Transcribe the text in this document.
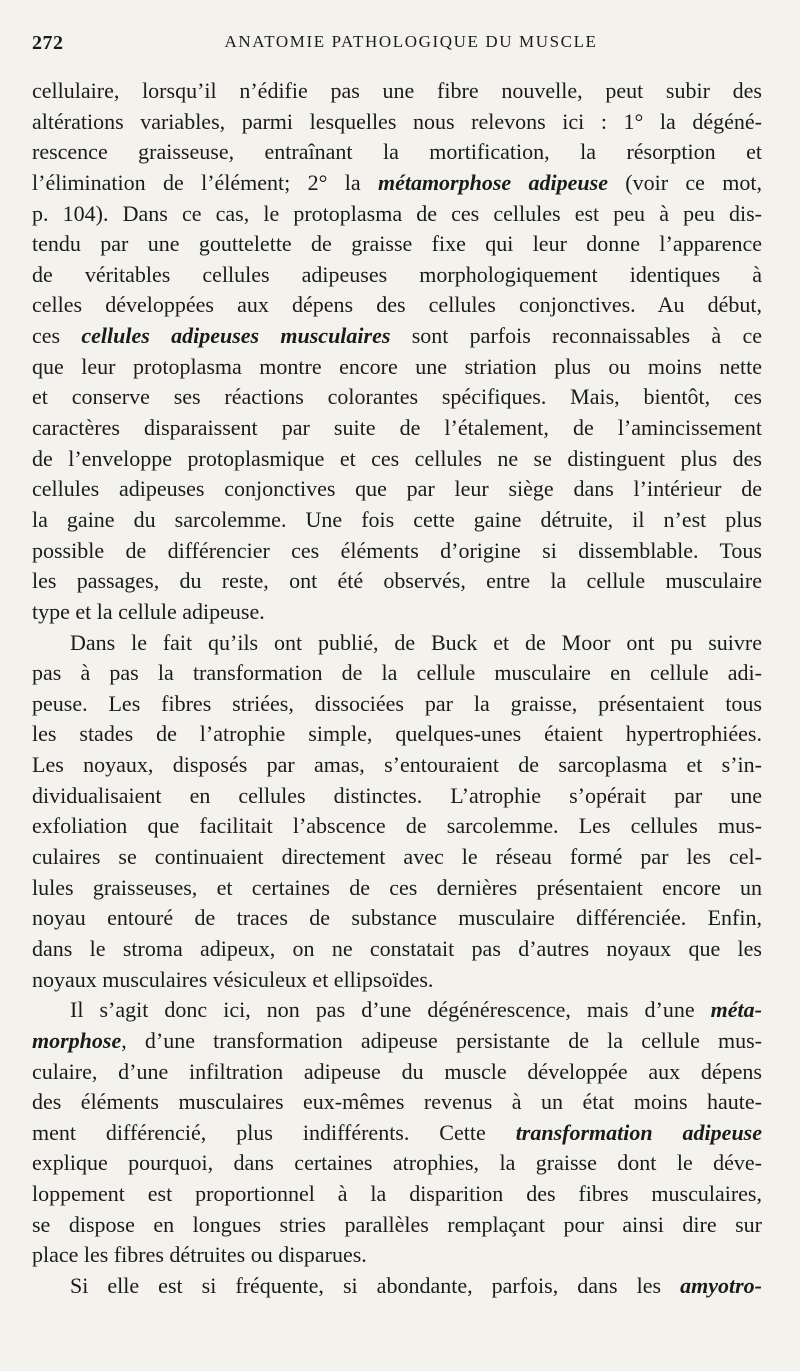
272	ANATOMIE PATHOLOGIQUE DU MUSCLE
cellulaire, lorsqu’il n’édifie pas une fibre nouvelle, peut subir des
altérations variables, parmi lesquelles nous relevons ici : 1° la dégéné-
rescence graisseuse, entraînant la mortification, la résorption et
l’élimination de l’élément; 2° la métamorphose adipeuse (voir ce mot,
p. 104). Dans ce cas, le protoplasma de ces cellules est peu à peu dis-
tendu par une gouttelette de graisse fixe qui leur donne l’apparence
de véritables cellules adipeuses morphologiquement identiques à
celles développées aux dépens des cellules conjonctives. Au début,
ces cellules adipeuses musculaires sont parfois reconnaissables à ce
que leur protoplasma montre encore une striation plus ou moins nette
et conserve ses réactions colorantes spécifiques. Mais, bientôt, ces
caractères disparaissent par suite de l’étalement, de l’amincissement
de l’enveloppe protoplasmique et ces cellules ne se distinguent plus des
cellules adipeuses conjonctives que par leur siège dans l’intérieur de
la gaine du sarcolemme. Une fois cette gaine détruite, il n’est plus
possible de différencier ces éléments d’origine si dissemblable. Tous
les passages, du reste, ont été observés, entre la cellule musculaire
type et la cellule adipeuse.
Dans le fait qu’ils ont publié, de Buck et de Moor ont pu suivre
pas à pas la transformation de la cellule musculaire en cellule adi-
peuse. Les fibres striées, dissociées par la graisse, présentaient tous
les stades de l’atrophie simple, quelques-unes étaient hypertrophiées.
Les noyaux, disposés par amas, s’entouraient de sarcoplasma et s’in-
dividualisaient en cellules distinctes. L’atrophie s’opérait par une
exfoliation que facilitait l’abscence de sarcolemme. Les cellules mus-
culaires se continuaient directement avec le réseau formé par les cel-
lules graisseuses, et certaines de ces dernières présentaient encore un
noyau entouré de traces de substance musculaire différenciée. Enfin,
dans le stroma adipeux, on ne constatait pas d’autres noyaux que les
noyaux musculaires vésiculeux et ellipsoïdes.
Il s’agit donc ici, non pas d’une dégénérescence, mais d’une méta-
morphose, d’une transformation adipeuse persistante de la cellule mus-
culaire, d’une infiltration adipeuse du muscle développée aux dépens
des éléments musculaires eux-mêmes revenus à un état moins haute-
ment différencié, plus indifférents. Cette transformation adipeuse
explique pourquoi, dans certaines atrophies, la graisse dont le déve-
loppement est proportionnel à la disparition des fibres musculaires,
se dispose en longues stries parallèles remplaçant pour ainsi dire sur
place les fibres détruites ou disparues.
Si elle est si fréquente, si abondante, parfois, dans les amyotro-
